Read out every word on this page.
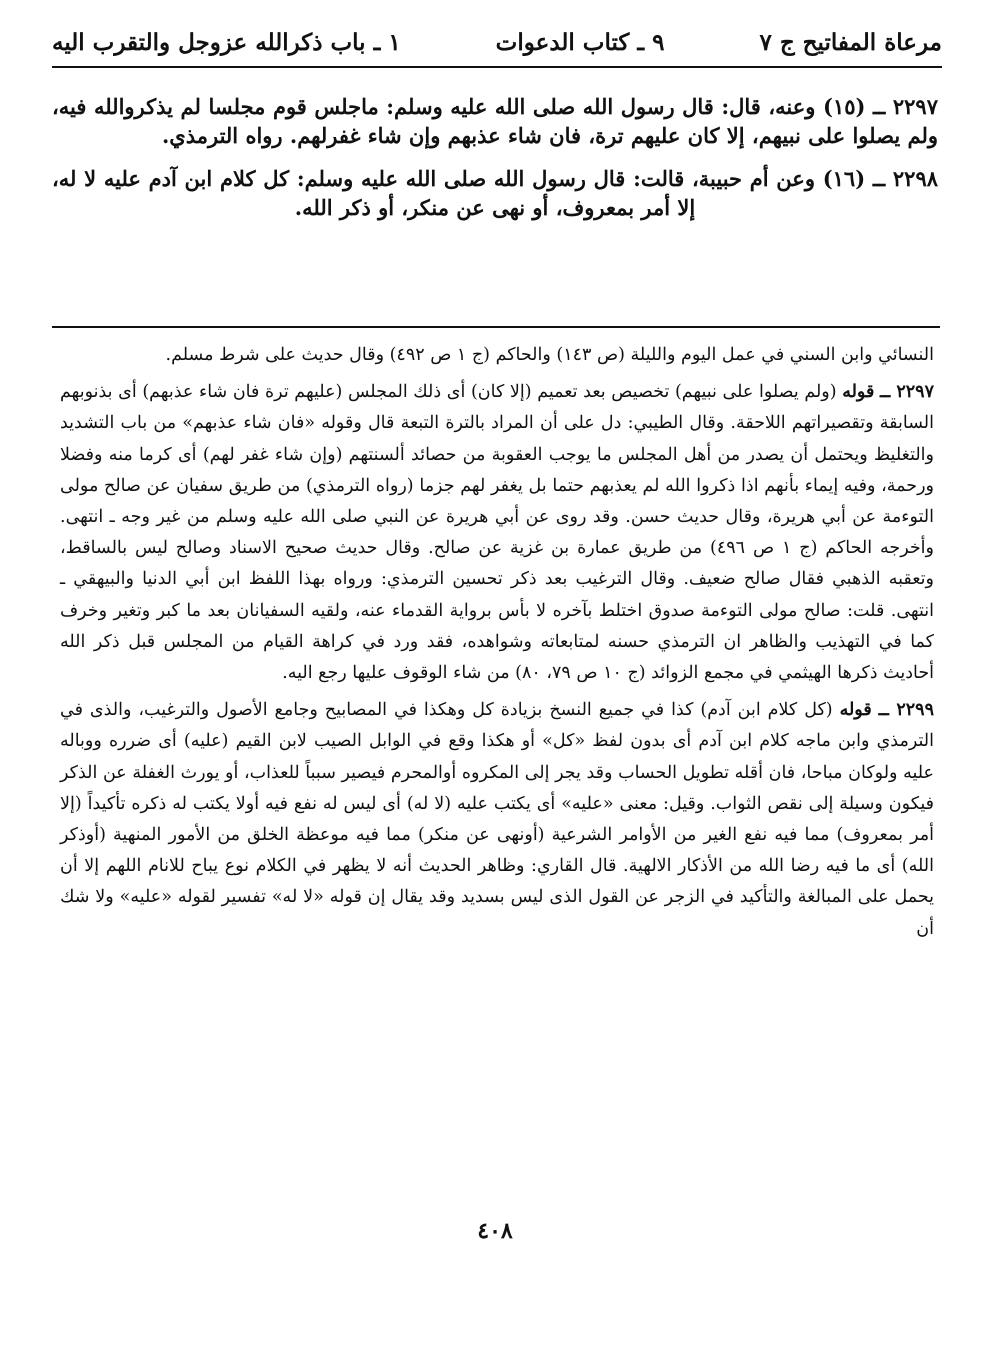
مرعاة المفاتيح ج ٧
٩ ـ كتاب الدعوات
١ ـ باب ذكرالله عزوجل والتقرب اليه

٢٢٩٧ ــ (١٥) وعنه، قال: قال رسول الله صلى الله عليه وسلم: ماجلس قوم مجلسا لم يذكروالله فيه، ولم يصلوا على نبيهم، إلا كان عليهم ترة، فان شاء عذبهم وإن شاء غفرلهم. رواه الترمذي.

٢٢٩٨ ــ (١٦) وعن أم حبيبة، قالت: قال رسول الله صلى الله عليه وسلم: كل كلام ابن آدم عليه لا له، إلا أمر بمعروف، أو نهى عن منكر، أو ذكر الله.

النسائي وابن السني في عمل اليوم والليلة (ص ١٤٣) والحاكم (ج ١ ص ٤٩٢) وقال حديث على شرط مسلم.

٢٢٩٧ ــ قوله (ولم يصلوا على نبيهم) تخصيص بعد تعميم (إلا كان) أى ذلك المجلس (عليهم ترة فان شاء عذبهم) أى بذنوبهم السابقة وتقصيراتهم اللاحقة. وقال الطيبي: دل على أن المراد بالترة التبعة قال وقوله «فان شاء عذبهم» من باب التشديد والتغليظ ويحتمل أن يصدر من أهل المجلس ما يوجب العقوبة من حصائد ألسنتهم (وإن شاء غفر لهم) أى كرما منه وفضلا ورحمة، وفيه إيماء بأنهم اذا ذكروا الله لم يعذبهم حتما بل يغفر لهم جزما (رواه الترمذي) من طريق سفيان عن صالح مولى التوءمة عن أبي هريرة، وقال حديث حسن. وقد روى عن أبي هريرة عن النبي صلى الله عليه وسلم من غير وجه ـ انتهى. وأخرجه الحاكم (ج ١ ص ٤٩٦) من طريق عمارة بن غزية عن صالح. وقال حديث صحيح الاسناد وصالح ليس بالساقط، وتعقبه الذهبي فقال صالح ضعيف. وقال الترغيب بعد ذكر تحسين الترمذي: ورواه بهذا اللفظ ابن أبي الدنيا والبيهقي ـ انتهى. قلت: صالح مولى التوءمة صدوق اختلط بآخره لا بأس برواية القدماء عنه، ولقيه السفيانان بعد ما كبر وتغير وخرف كما في التهذيب والظاهر ان الترمذي حسنه لمتابعاته وشواهده، فقد ورد في كراهة القيام من المجلس قبل ذكر الله أحاديث ذكرها الهيثمي في مجمع الزوائد (ج ١٠ ص ٧٩، ٨٠) من شاء الوقوف عليها رجع اليه.

٢٢٩٩ ــ قوله (كل كلام ابن آدم) كذا في جميع النسخ بزيادة كل وهكذا في المصابيح وجامع الأصول والترغيب، والذى في الترمذي وابن ماجه كلام ابن آدم أى بدون لفظ «كل» أو هكذا وقع في الوابل الصيب لابن القيم (عليه) أى ضرره ووباله عليه ولوكان مباحا، فان أقله تطويل الحساب وقد يجر إلى المكروه أوالمحرم فيصير سبباً للعذاب، أو يورث الغفلة عن الذكر فيكون وسيلة إلى نقص الثواب. وقيل: معنى «عليه» أى يكتب عليه (لا له) أى ليس له نفع فيه أولا يكتب له ذكره تأكيداً (إلا أمر بمعروف) مما فيه نفع الغير من الأوامر الشرعية (أونهى عن منكر) مما فيه موعظة الخلق من الأمور المنهية (أوذكر الله) أى ما فيه رضا الله من الأذكار الالهية. قال القاري: وظاهر الحديث أنه لا يظهر في الكلام نوع يباح للانام اللهم إلا أن يحمل على المبالغة والتأكيد في الزجر عن القول الذى ليس بسديد وقد يقال إن قوله «لا له» تفسير لقوله «عليه» ولا شك أن

٤٠٨
